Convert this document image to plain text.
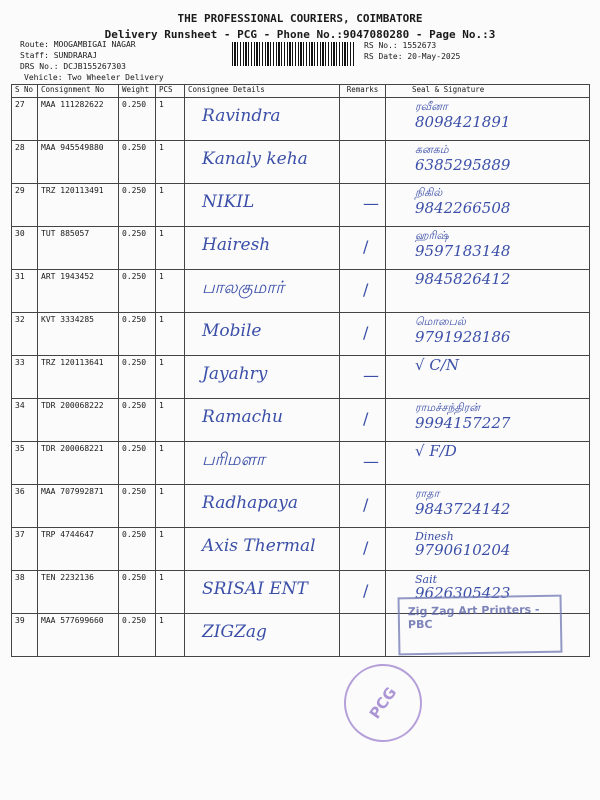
THE PROFESSIONAL COURIERS, COIMBATORE
Delivery Runsheet - PCG - Phone No.:9047080280 - Page No.:3
Route: MOOGAMBIGAI NAGAR
Staff: SUNDRARAJ
DRS No.: DCJB155267303
Vehicle: Two Wheeler Delivery
RS No.: 1552673
RS Date: 20-May-2025
S No	Consignment No	Weight	PCS	Consignee Details	Remarks	Seal & Signature
27	MAA 111282622	0.250	1	Ravindra		ரவீனா
8098421891

28	MAA 945549880	0.250	1	Kanaly keha		கனகம்
6385295889

29	TRZ 120113491	0.250	1	NIKIL	—	நிகில்
9842266508

30	TUT 885057	0.250	1	Hairesh	/	ஹரிஷ்
9597183148

31	ART 1943452	0.250	1	பாலகுமார்	/	9845826412

32	KVT 3334285	0.250	1	Mobile	/	மொபைல்
9791928186

33	TRZ 120113641	0.250	1	Jayahry	—	√ C/N

34	TDR 200068222	0.250	1	Ramachu	/	ராமச்சந்திரன்
9994157227

35	TDR 200068221	0.250	1	பரிமளா	—	√ F/D

36	MAA 707992871	0.250	1	Radhapaya	/	ராதா
9843724142

37	TRP 4744647	0.250	1	Axis Thermal	/	Dinesh
9790610204

38	TEN 2232136	0.250	1	SRISAI ENT	/	Sait
9626305423

39	MAA 577699660	0.250	1	ZIGZag		

Zig Zag Art Printers - PBC
PCG
